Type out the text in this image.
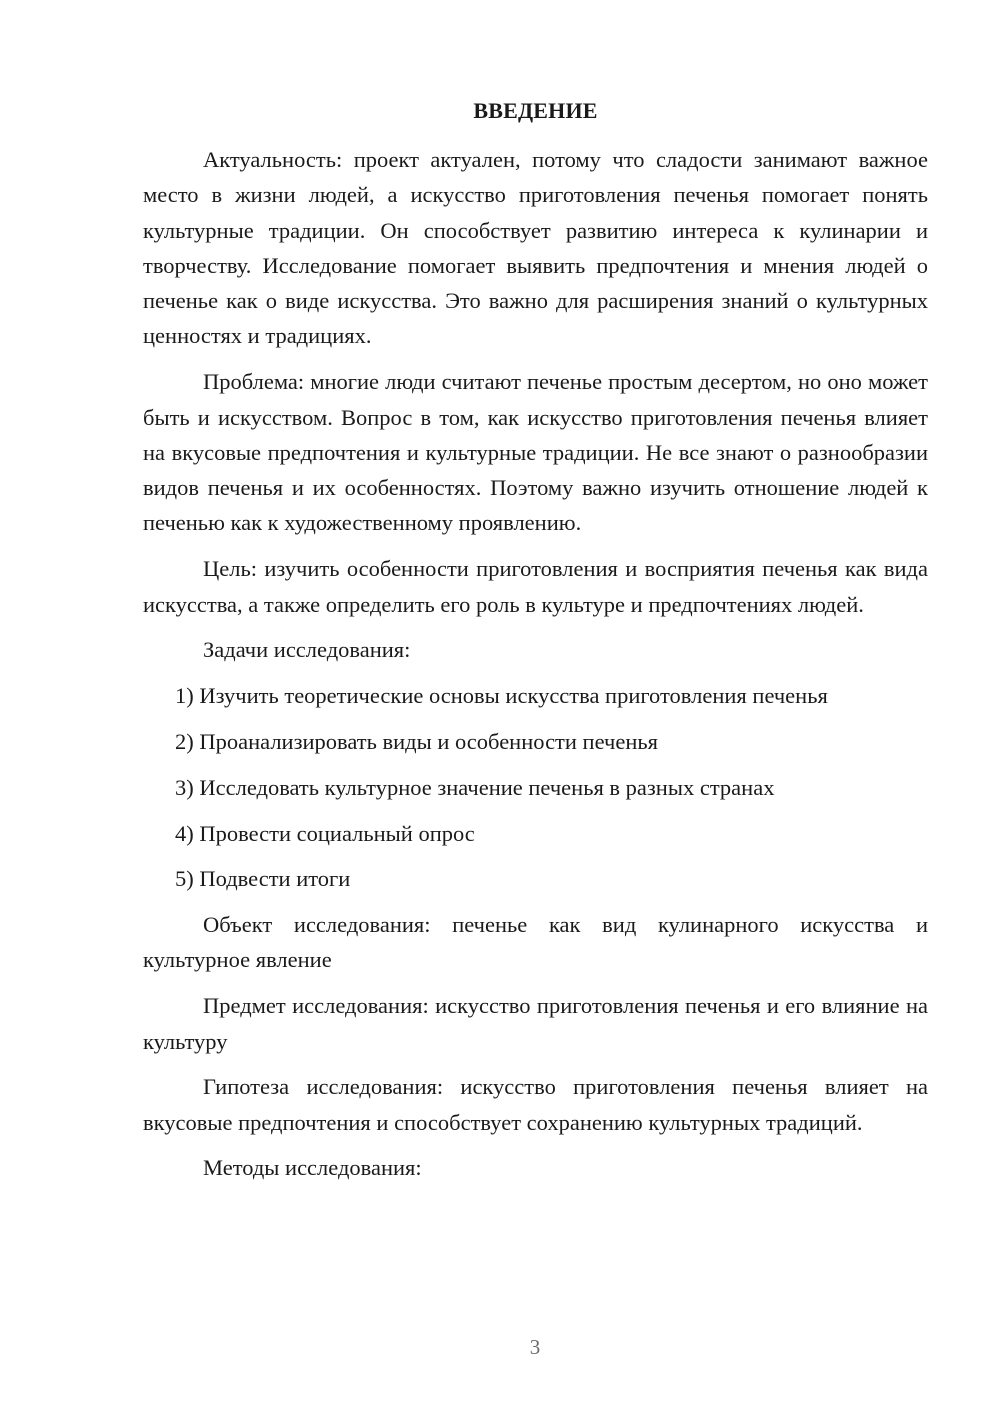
ВВЕДЕНИЕ

Актуальность: проект актуален, потому что сладости занимают важное место в жизни людей, а искусство приготовления печенья помогает понять культурные традиции. Он способствует развитию интереса к кулинарии и творчеству. Исследование помогает выявить предпочтения и мнения людей о печенье как о виде искусства. Это важно для расширения знаний о культурных ценностях и традициях.

Проблема: многие люди считают печенье простым десертом, но оно может быть и искусством. Вопрос в том, как искусство приготовления печенья влияет на вкусовые предпочтения и культурные традиции. Не все знают о разнообразии видов печенья и их особенностях. Поэтому важно изучить отношение людей к печенью как к художественному проявлению.

Цель: изучить особенности приготовления и восприятия печенья как вида искусства, а также определить его роль в культуре и предпочтениях людей.

Задачи исследования:

1) Изучить теоретические основы искусства приготовления печенья
2) Проанализировать виды и особенности печенья
3) Исследовать культурное значение печенья в разных странах
4) Провести социальный опрос
5) Подвести итоги

Объект исследования: печенье как вид кулинарного искусства и культурное явление

Предмет исследования: искусство приготовления печенья и его влияние на культуру

Гипотеза исследования: искусство приготовления печенья влияет на вкусовые предпочтения и способствует сохранению культурных традиций.

Методы исследования:

3
